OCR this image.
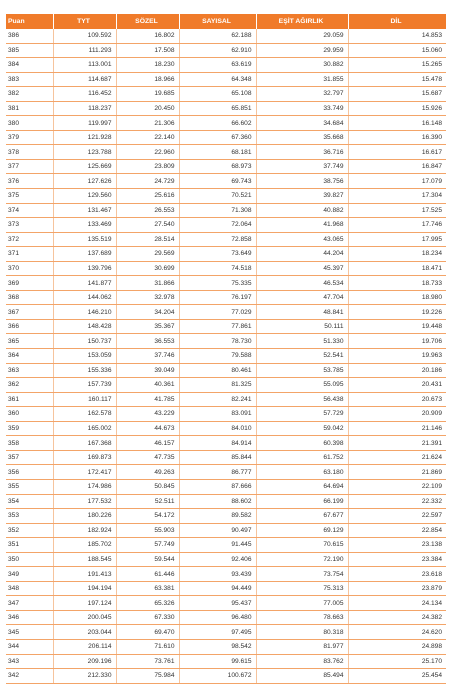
Puan	TYT	SÖZEL	SAYISAL	EŞİT AĞIRLIK	DİL
386	109.592	16.802	62.188	29.059	14.853
385	111.293	17.508	62.910	29.959	15.060
384	113.001	18.230	63.619	30.882	15.265
383	114.687	18.966	64.348	31.855	15.478
382	116.452	19.685	65.108	32.797	15.687
381	118.237	20.450	65.851	33.749	15.926
380	119.997	21.306	66.602	34.684	16.148
379	121.928	22.140	67.360	35.668	16.390
378	123.788	22.960	68.181	36.716	16.617
377	125.669	23.809	68.973	37.749	16.847
376	127.626	24.729	69.743	38.756	17.079
375	129.560	25.616	70.521	39.827	17.304
374	131.467	26.553	71.308	40.882	17.525
373	133.469	27.540	72.064	41.968	17.746
372	135.519	28.514	72.858	43.065	17.995
371	137.689	29.569	73.649	44.204	18.234
370	139.796	30.699	74.518	45.397	18.471
369	141.877	31.866	75.335	46.534	18.733
368	144.062	32.978	76.197	47.704	18.980
367	146.210	34.204	77.029	48.841	19.226
366	148.428	35.367	77.861	50.111	19.448
365	150.737	36.553	78.730	51.330	19.706
364	153.059	37.746	79.588	52.541	19.963
363	155.336	39.049	80.461	53.785	20.186
362	157.739	40.361	81.325	55.095	20.431
361	160.117	41.785	82.241	56.438	20.673
360	162.578	43.229	83.091	57.729	20.909
359	165.002	44.673	84.010	59.042	21.146
358	167.368	46.157	84.914	60.398	21.391
357	169.873	47.735	85.844	61.752	21.624
356	172.417	49.263	86.777	63.180	21.869
355	174.986	50.845	87.666	64.694	22.109
354	177.532	52.511	88.602	66.199	22.332
353	180.226	54.172	89.582	67.677	22.597
352	182.924	55.903	90.497	69.129	22.854
351	185.702	57.749	91.445	70.615	23.138
350	188.545	59.544	92.406	72.190	23.384
349	191.413	61.446	93.439	73.754	23.618
348	194.194	63.381	94.449	75.313	23.879
347	197.124	65.326	95.437	77.005	24.134
346	200.045	67.330	96.480	78.663	24.382
345	203.044	69.470	97.495	80.318	24.620
344	206.114	71.610	98.542	81.977	24.898
343	209.196	73.761	99.615	83.762	25.170
342	212.330	75.984	100.672	85.494	25.454
